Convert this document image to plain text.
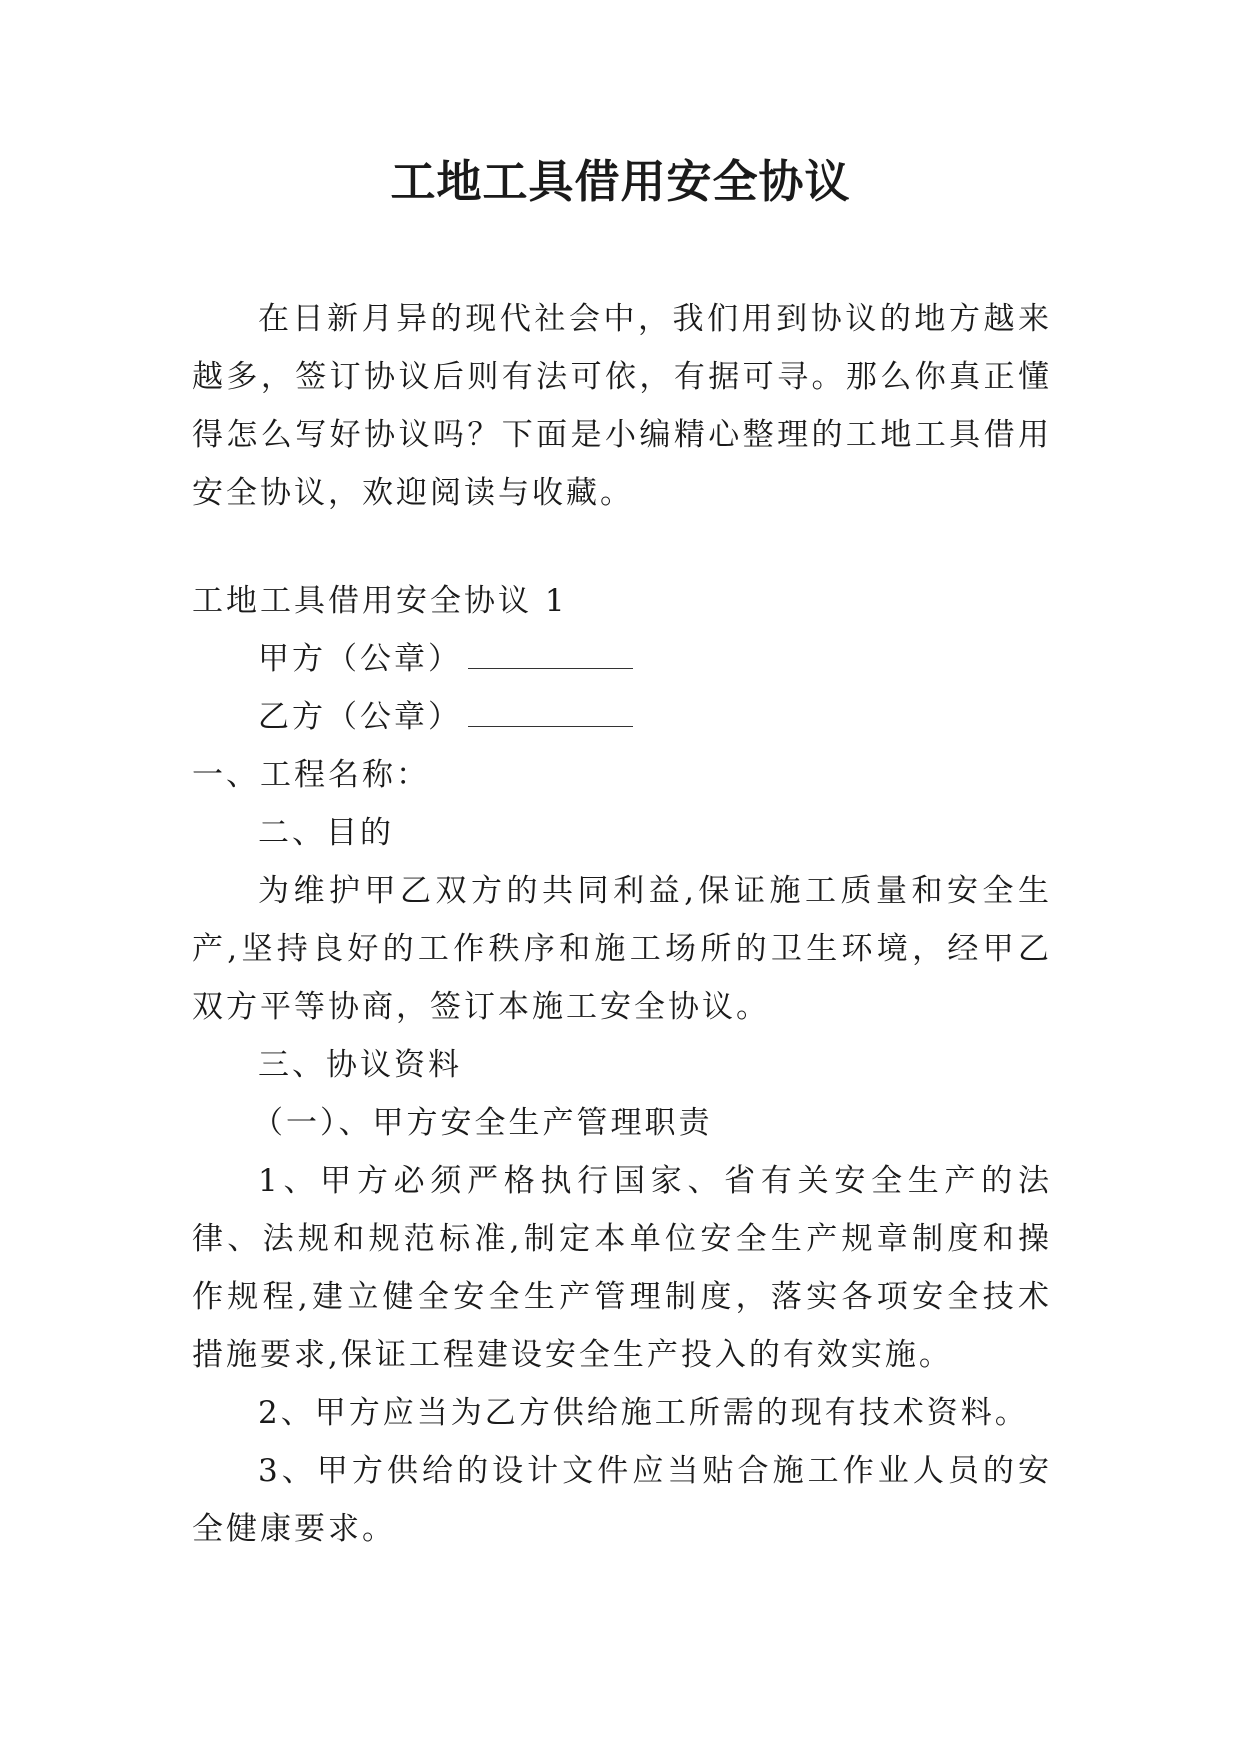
工地工具借用安全协议

在日新月异的现代社会中，我们用到协议的地方越来越多，签订协议后则有法可依，有据可寻。那么你真正懂得怎么写好协议吗？下面是小编精心整理的工地工具借用安全协议，欢迎阅读与收藏。

工地工具借用安全协议 1

甲方（公章）

乙方（公章）

一、工程名称：

二、目的

为维护甲乙双方的共同利益,保证施工质量和安全生产,坚持良好的工作秩序和施工场所的卫生环境，经甲乙双方平等协商，签订本施工安全协议。

三、协议资料

（一）、甲方安全生产管理职责

1、甲方必须严格执行国家、省有关安全生产的法律、法规和规范标准,制定本单位安全生产规章制度和操作规程,建立健全安全生产管理制度，落实各项安全技术措施要求,保证工程建设安全生产投入的有效实施。

2、甲方应当为乙方供给施工所需的现有技术资料。

3、甲方供给的设计文件应当贴合施工作业人员的安全健康要求。
